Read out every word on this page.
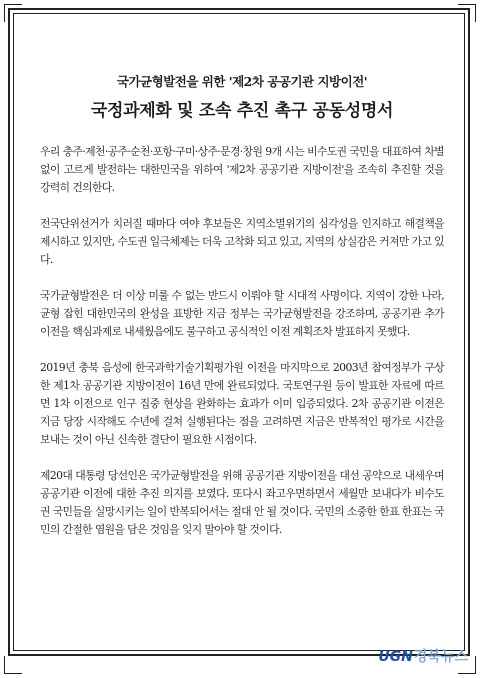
국가균형발전을 위한 '제2차 공공기관 지방이전'
국정과제화 및 조속 추진 촉구 공동성명서

우리 충주·제천·공주·순천·포항·구미·상주·문경·창원 9개 시는 비수도권 국민을 대표하여 차별 없이 고르게 발전하는 대한민국을 위하여 '제2차 공공기관 지방이전'을 조속히 추진할 것을 강력히 건의한다.

전국단위선거가 치러질 때마다 여야 후보들은 지역소멸위기의 심각성을 인지하고 해결책을 제시하고 있지만, 수도권 일극체제는 더욱 고착화 되고 있고, 지역의 상실감은 커져만 가고 있다.

국가균형발전은 더 이상 미룰 수 없는 반드시 이뤄야 할 시대적 사명이다. 지역이 강한 나라, 균형 잡힌 대한민국의 완성을 표방한 지금 정부는 국가균형발전을 강조하며, 공공기관 추가 이전을 핵심과제로 내세웠음에도 불구하고 공식적인 이전 계획조차 발표하지 못했다.

2019년 충북 음성에 한국과학기술기획평가원 이전을 마지막으로 2003년 참여정부가 구상한 제1차 공공기관 지방이전이 16년 만에 완료되었다. 국토연구원 등이 발표한 자료에 따르면 1차 이전으로 인구 집중 현상을 완화하는 효과가 이미 입증되었다. 2차 공공기관 이전은 지금 당장 시작해도 수년에 걸쳐 실행된다는 점을 고려하면 지금은 반복적인 평가로 시간을 보내는 것이 아닌 신속한 결단이 필요한 시점이다.

제20대 대통령 당선인은 국가균형발전을 위해 공공기관 지방이전을 대선 공약으로 내세우며 공공기관 이전에 대한 추진 의지를 보였다. 또다시 좌고우면하면서 세월만 보내다가 비수도권 국민들을 실망시키는 일이 반복되어서는 절대 안 될 것이다. 국민의 소중한 한표 한표는 국민의 간절한 염원을 담은 것임을 잊지 말아야 할 것이다.

UGN 경북뉴스
